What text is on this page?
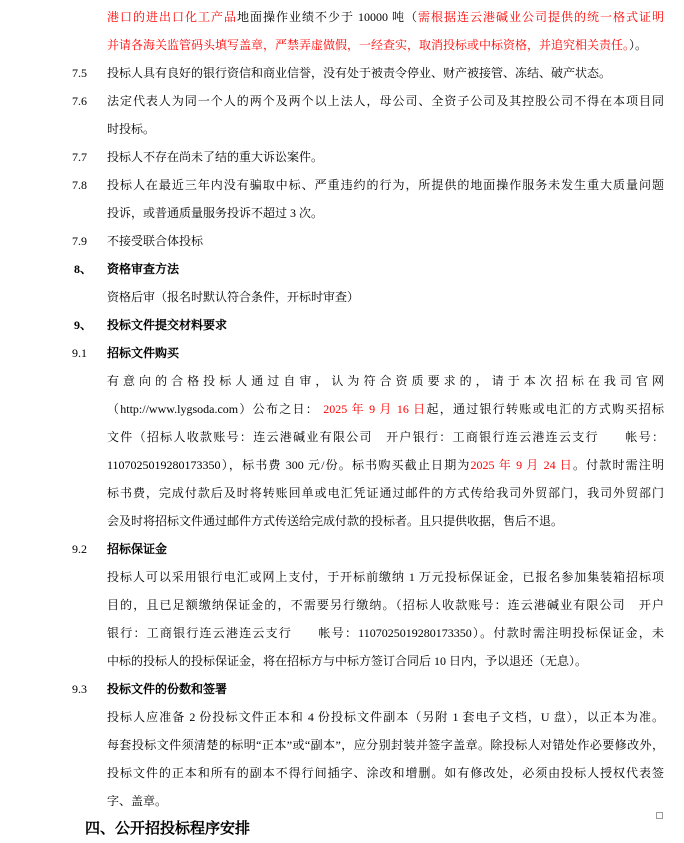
港口的进出口化工产品地面操作业绩不少于 10000 吨（需根据连云港碱业公司提供的统一格式证明
并请各海关监管码头填写盖章，严禁弄虚做假，一经查实，取消投标或中标资格，并追究相关责任。）。
7.5 投标人具有良好的银行资信和商业信誉，没有处于被责令停业、财产被接管、冻结、破产状态。
7.6 法定代表人为同一个人的两个及两个以上法人，母公司、全资子公司及其控股公司不得在本项目同
时投标。
7.7 投标人不存在尚未了结的重大诉讼案件。
7.8 投标人在最近三年内没有骗取中标、严重违约的行为，所提供的地面操作服务未发生重大质量问题
投诉，或普通质量服务投诉不超过 3 次。
7.9 不接受联合体投标
8、 资格审查方法
资格后审（报名时默认符合条件，开标时审查）
9、 投标文件提交材料要求
9.1 招标文件购买
有意向的合格投标人通过自审，认为符合资质要求的，请于本次招标在我司官网
（http://www.lygsoda.com）公布之日： 2025 年 9 月 16 日起，通过银行转账或电汇的方式购买招标
文件（招标人收款账号：连云港碱业有限公司　开户银行：工商银行连云港连云支行　　帐号：
1107025019280173350），标书费 300 元/份。标书购买截止日期为2025 年 9 月 24 日。付款时需注明
标书费，完成付款后及时将转账回单或电汇凭证通过邮件的方式传给我司外贸部门，我司外贸部门
会及时将招标文件通过邮件方式传送给完成付款的投标者。且只提供收据，售后不退。
9.2 招标保证金
投标人可以采用银行电汇或网上支付，于开标前缴纳 1 万元投标保证金，已报名参加集装箱招标项
目的，且已足额缴纳保证金的，不需要另行缴纳。（招标人收款账号：连云港碱业有限公司　开户
银行：工商银行连云港连云支行　　帐号：1107025019280173350）。付款时需注明投标保证金，未
中标的投标人的投标保证金，将在招标方与中标方签订合同后 10 日内，予以退还（无息）。
9.3 投标文件的份数和签署
投标人应准备 2 份投标文件正本和 4 份投标文件副本（另附 1 套电子文档，U 盘），以正本为准。
每套投标文件须清楚的标明“正本”或“副本”，应分别封装并签字盖章。除投标人对错处作必要修改外，
投标文件的正本和所有的副本不得行间插字、涂改和增删。如有修改处，必须由投标人授权代表签
字、盖章。
四、公开招投标程序安排
